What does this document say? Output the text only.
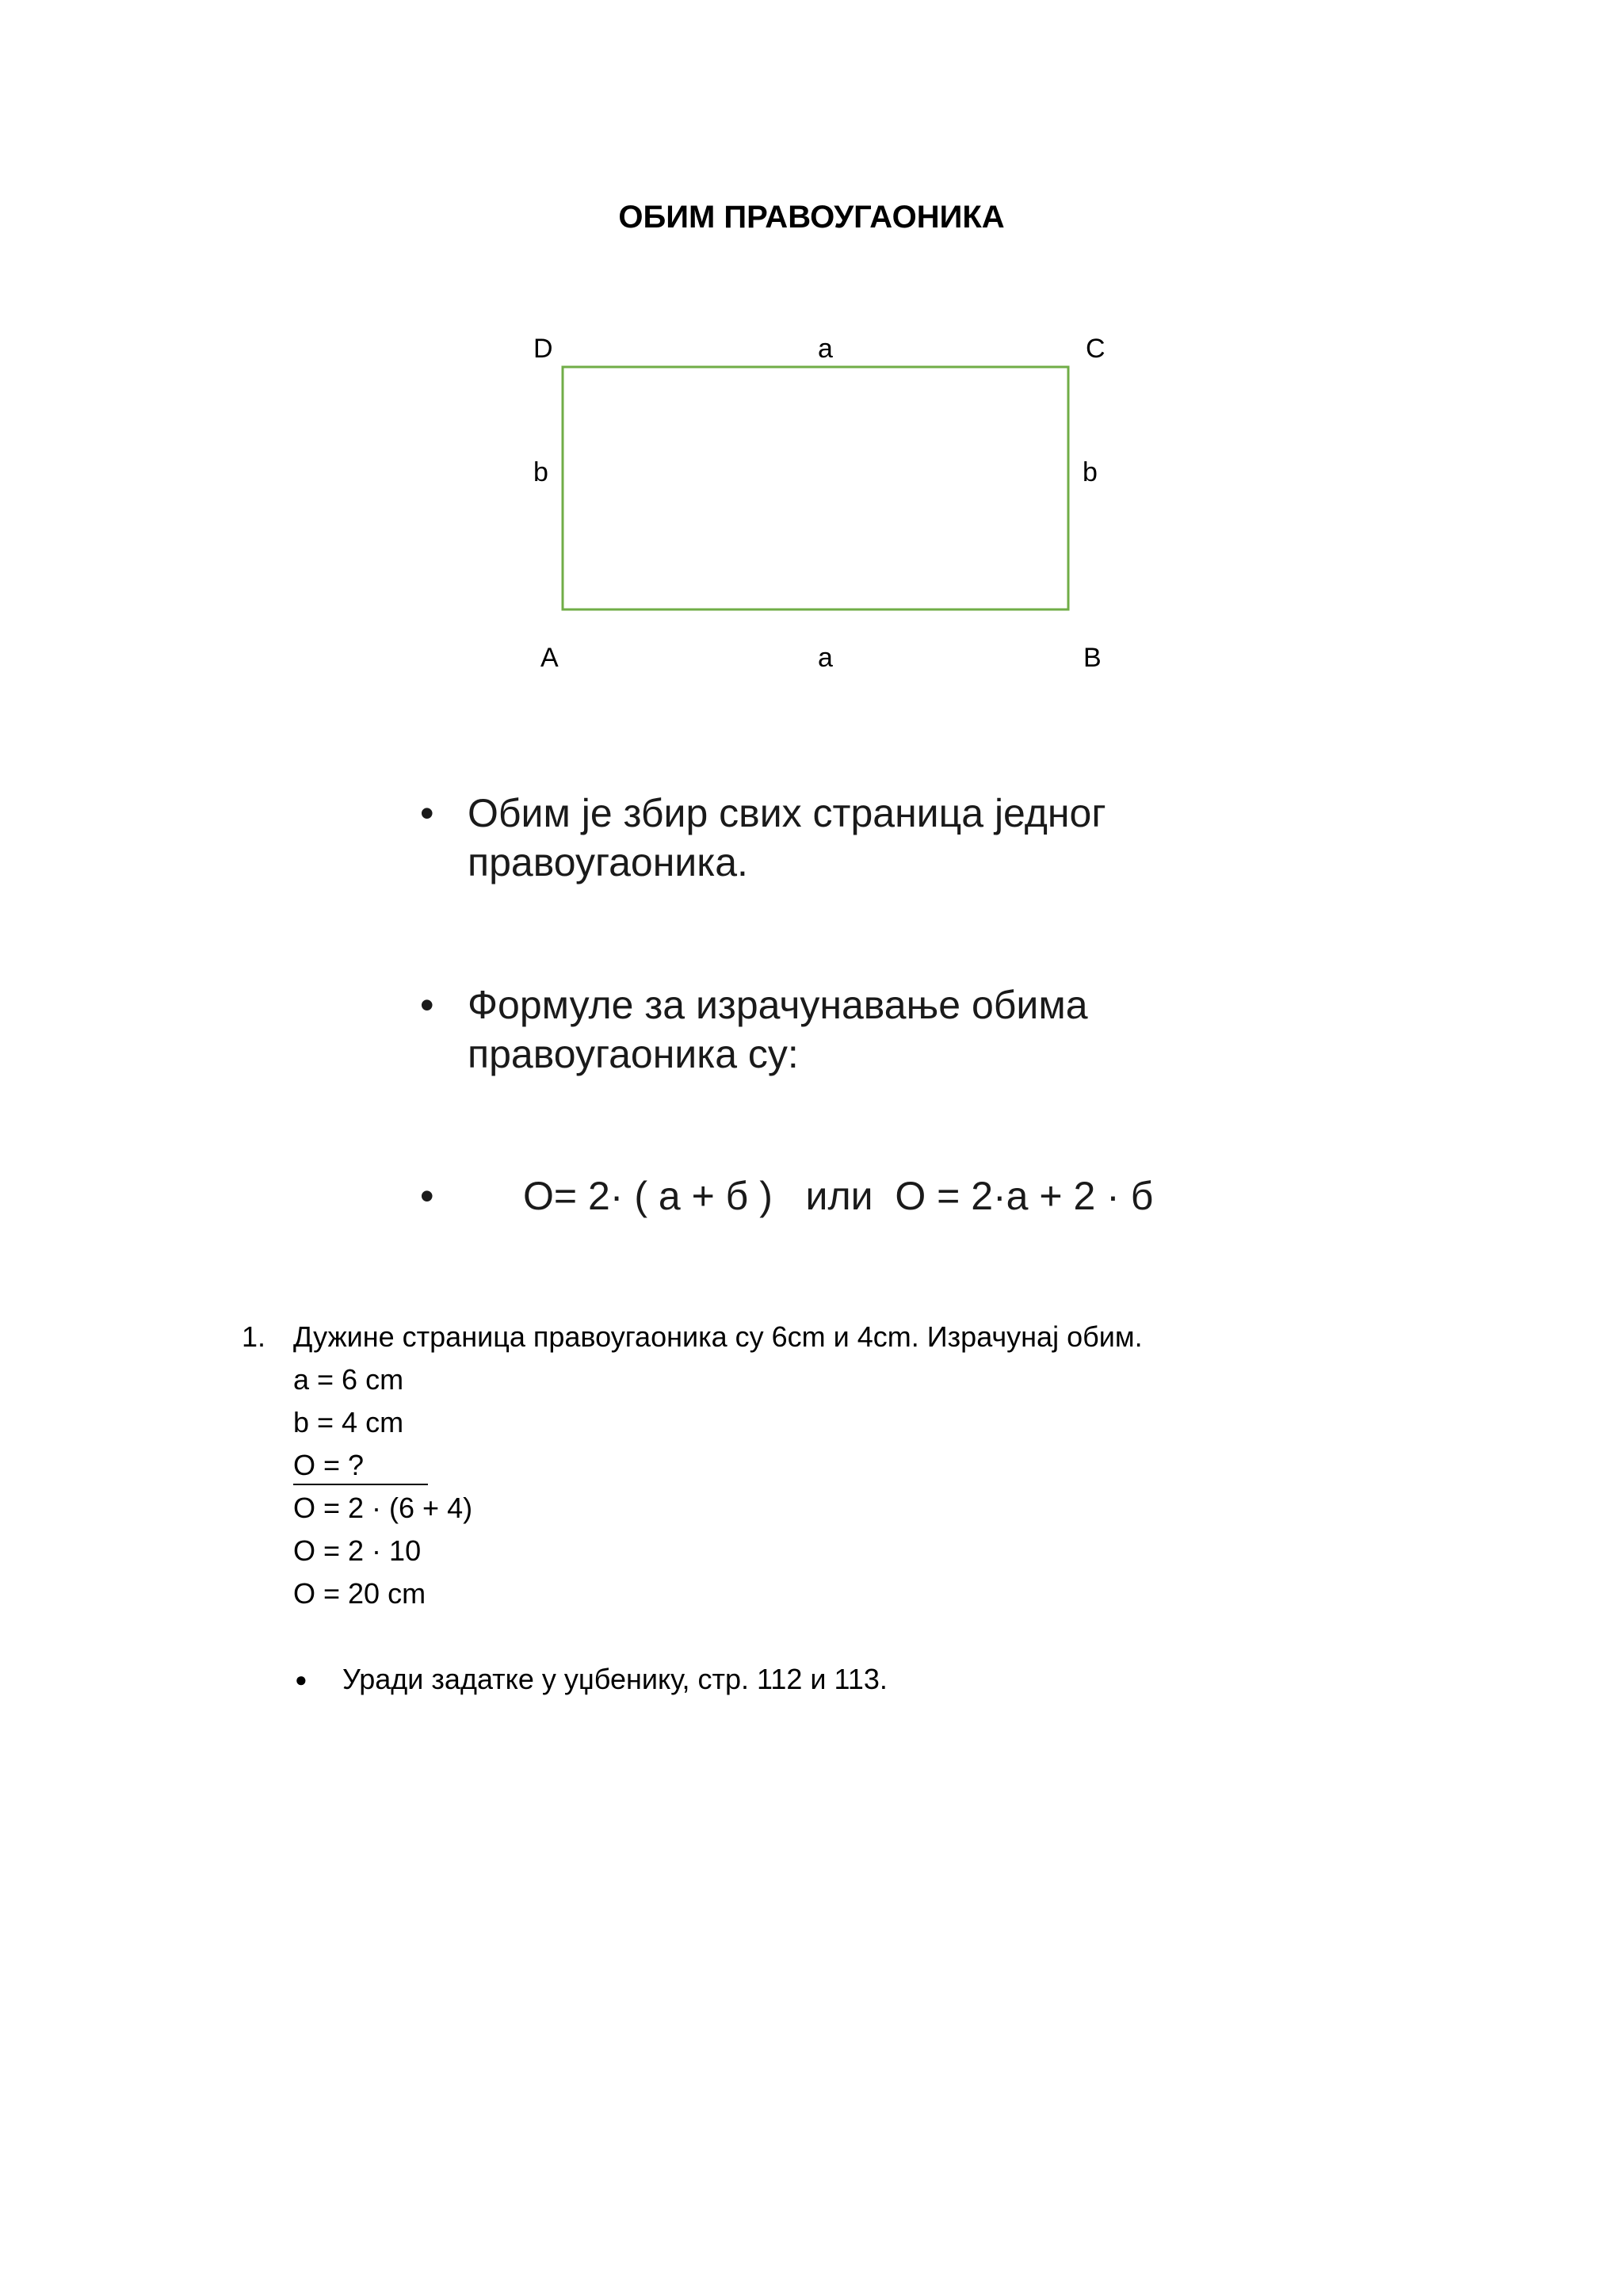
ОБИМ ПРАВОУГАОНИКА
D	a	C
b	b
A	a	B
• Обим је збир свих страница једног
правоугаоника.
• Формуле за израчунавање обима
правоугаоника су:
• О= 2· ( а + б )   или  О = 2·а + 2 · б
1. Дужине страница правоугаоника су 6cm и 4cm. Израчунај обим.
a = 6 cm
b = 4 cm
O = ?
O = 2 · (6 + 4)
O = 2 · 10
O = 20 cm
● Уради задатке у уџбенику, стр. 112 и 113.
